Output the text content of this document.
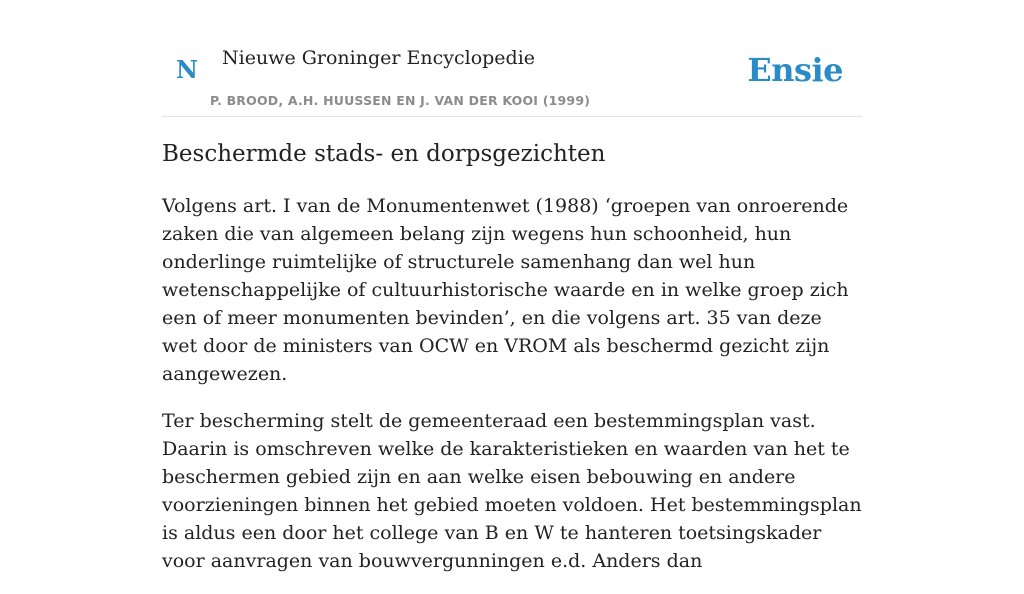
N Nieuwe Groninger Encyclopedie
P. BROOD, A.H. HUUSSEN EN J. VAN DER KOOI (1999)
Ensie
Beschermde stads- en dorpsgezichten

Volgens art. I van de Monumentenwet (1988) ‘groepen van onroerende zaken die van algemeen belang zijn wegens hun schoonheid, hun onderlinge ruimtelijke of structurele samenhang dan wel hun wetenschappelijke of cultuurhistorische waarde en in welke groep zich een of meer monumenten bevinden’, en die volgens art. 35 van deze wet door de ministers van OCW en VROM als beschermd gezicht zijn aangewezen.

Ter bescherming stelt de gemeenteraad een bestemmingsplan vast. Daarin is omschreven welke de karakteristieken en waarden van het te beschermen gebied zijn en aan welke eisen bebouwing en andere voorzieningen binnen het gebied moeten voldoen. Het bestemmingsplan is aldus een door het college van B en W te hanteren toetsingskader voor aanvragen van bouwvergunningen e.d. Anders dan
